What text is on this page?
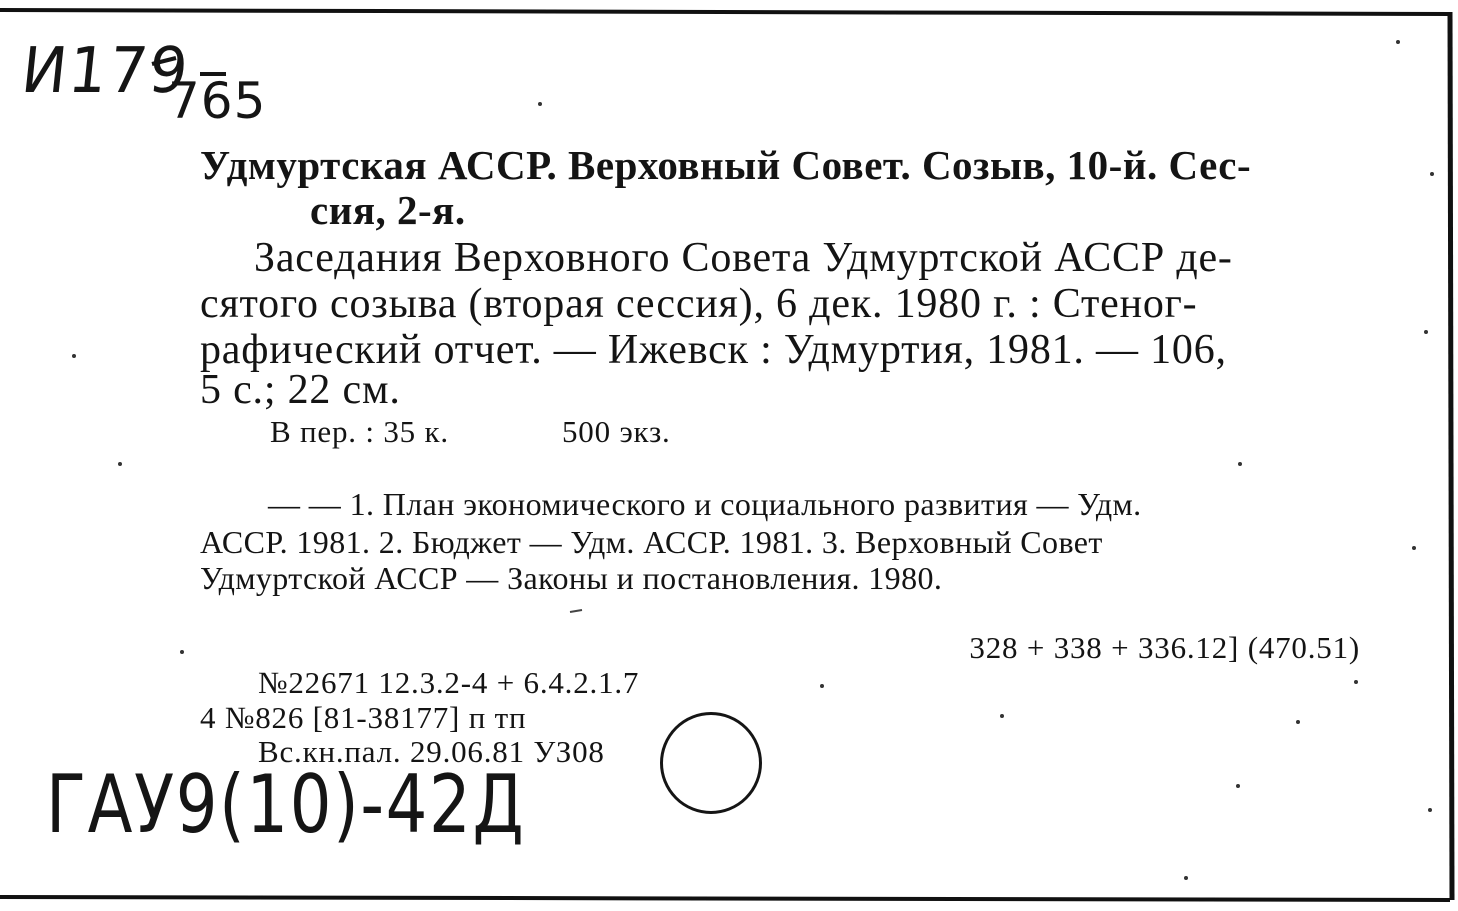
И179
765
ГАУ9(10)-42Д
Удмуртская АССР. Верховный Совет. Созыв, 10-й. Сес-
сия, 2-я.
Заседания Верховного Совета Удмуртской АССР де-
сятого созыва (вторая сессия), 6 дек. 1980 г. : Стеног-
рафический отчет. — Ижевск : Удмуртия, 1981. — 106,
5 с.; 22 см.
В пер. : 35 к.	500 экз.
— — 1. План экономического и социального развития — Удм.
АССР. 1981. 2. Бюджет — Удм. АССР. 1981. 3. Верховный Совет
Удмуртской АССР — Законы и постановления. 1980.
328 + 338 + 336.12] (470.51)
№22671 12.3.2-4 + 6.4.2.1.7
4 №826 [81-38177] п тп
Вс.кн.пал. 29.06.81 УЗ08
